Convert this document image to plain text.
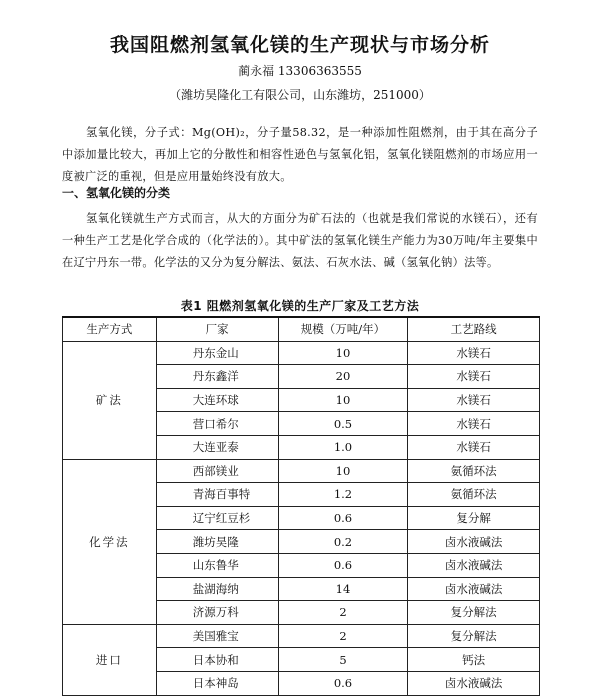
我国阻燃剂氢氧化镁的生产现状与市场分析
蔺永福 13306363555
（潍坊昊隆化工有限公司，山东潍坊，251000）
氢氧化镁，分子式：Mg(OH)₂，分子量58.32，是一种添加性阻燃剂，由于其在高分子中添加量比较大，再加上它的分散性和相容性逊色与氢氧化铝，氢氧化镁阻燃剂的市场应用一度被广泛的重视，但是应用量始终没有放大。
一、氢氧化镁的分类
氢氧化镁就生产方式而言，从大的方面分为矿石法的（也就是我们常说的水镁石），还有一种生产工艺是化学合成的（化学法的）。其中矿法的氢氧化镁生产能力为30万吨/年主要集中在辽宁丹东一带。化学法的又分为复分解法、氨法、石灰水法、碱（氢氧化钠）法等。
表1 阻燃剂氢氧化镁的生产厂家及工艺方法
生产方式	厂家	规模（万吨/年）	工艺路线
矿法	丹东金山	10	水镁石
	丹东鑫洋	20	水镁石
	大连环球	10	水镁石
	营口希尔	0.5	水镁石
	大连亚泰	1.0	水镁石
化学法	西部镁业	10	氨循环法
	青海百事特	1.2	氨循环法
	辽宁红豆杉	0.6	复分解
	潍坊昊隆	0.2	卤水液碱法
	山东鲁华	0.6	卤水液碱法
	盐湖海纳	14	卤水液碱法
	济源万科	2	复分解法
进口	美国雅宝	2	复分解法
	日本协和	5	钙法
	日本神岛	0.6	卤水液碱法
